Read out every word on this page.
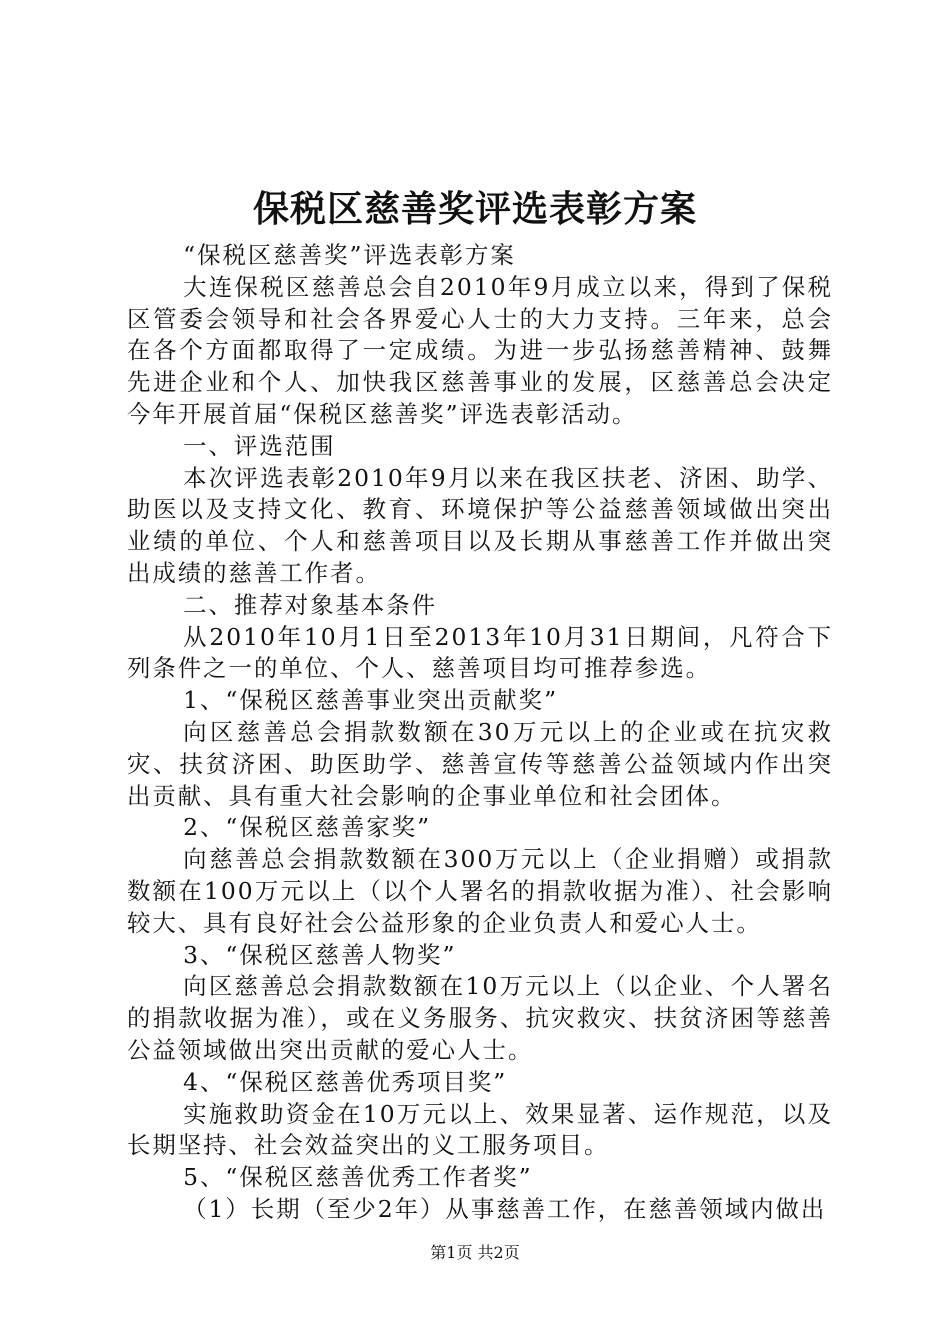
保税区慈善奖评选表彰方案

“保税区慈善奖”评选表彰方案

大连保税区慈善总会自2010年9月成立以来，得到了保税区管委会领导和社会各界爱心人士的大力支持。三年来，总会在各个方面都取得了一定成绩。为进一步弘扬慈善精神、鼓舞先进企业和个人、加快我区慈善事业的发展，区慈善总会决定今年开展首届“保税区慈善奖”评选表彰活动。

一、评选范围

本次评选表彰2010年9月以来在我区扶老、济困、助学、助医以及支持文化、教育、环境保护等公益慈善领域做出突出业绩的单位、个人和慈善项目以及长期从事慈善工作并做出突出成绩的慈善工作者。

二、推荐对象基本条件

从2010年10月1日至2013年10月31日期间，凡符合下列条件之一的单位、个人、慈善项目均可推荐参选。

1、“保税区慈善事业突出贡献奖”

向区慈善总会捐款数额在30万元以上的企业或在抗灾救灾、扶贫济困、助医助学、慈善宣传等慈善公益领域内作出突出贡献、具有重大社会影响的企事业单位和社会团体。

2、“保税区慈善家奖”

向慈善总会捐款数额在300万元以上（企业捐赠）或捐款数额在100万元以上（以个人署名的捐款收据为准）、社会影响较大、具有良好社会公益形象的企业负责人和爱心人士。

3、“保税区慈善人物奖”

向区慈善总会捐款数额在10万元以上（以企业、个人署名的捐款收据为准），或在义务服务、抗灾救灾、扶贫济困等慈善公益领域做出突出贡献的爱心人士。

4、“保税区慈善优秀项目奖”

实施救助资金在10万元以上、效果显著、运作规范，以及长期坚持、社会效益突出的义工服务项目。

5、“保税区慈善优秀工作者奖”

（1）长期（至少2年）从事慈善工作，在慈善领域内做出

第1页 共2页
